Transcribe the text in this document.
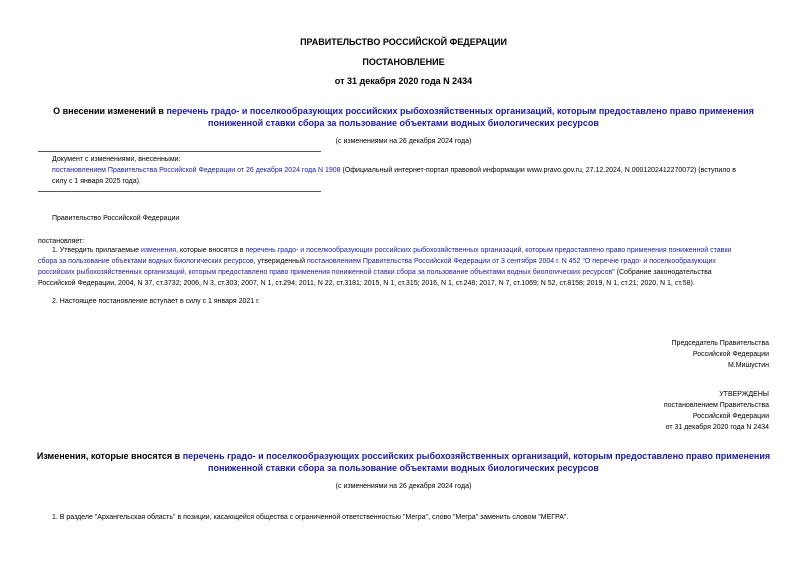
ПРАВИТЕЛЬСТВО РОССИЙСКОЙ ФЕДЕРАЦИИ
ПОСТАНОВЛЕНИЕ
от 31 декабря 2020 года N 2434
О внесении изменений в перечень градо- и поселкообразующих российских рыбохозяйственных организаций, которым предоставлено право применения
пониженной ставки сбора за пользование объектами водных биологических ресурсов
(с изменениями на 26 декабря 2024 года)
Документ с изменениями, внесенными:
постановлением Правительства Российской Федерации от 26 декабря 2024 года N 1908 (Официальный интернет-портал правовой информации www.pravo.gov.ru, 27.12.2024, N 0001202412270072) (вступило в
силу с 1 января 2025 года).
Правительство Российской Федерации
постановляет:
1. Утвердить прилагаемые изменения, которые вносятся в перечень градо- и поселкообразующих российских рыбохозяйственных организаций, которым предоставлено право применения пониженной ставки
сбора за пользование объектами водных биологических ресурсов, утвержденный постановлением Правительства Российской Федерации от 3 сентября 2004 г. N 452 "О перечне градо- и поселкообразующих
российских рыбохозяйственных организаций, которым предоставлено право применения пониженной ставки сбора за пользование объектами водных биологических ресурсов" (Собрание законодательства
Российской Федерации, 2004, N 37, ст.3732; 2006, N 3, ст.303; 2007, N 1, ст.294; 2011, N 22, ст.3181; 2015, N 1, ст.315; 2016, N 1, ст.248; 2017, N 7, ст.1069; N 52, ст.8158; 2019, N 1, ст.21; 2020, N 1, ст.58).
2. Настоящее постановление вступает в силу с 1 января 2021 г.
Председатель Правительства
Российской Федерации
М.Мишустин
УТВЕРЖДЕНЫ
постановлением Правительства
Российской Федерации
от 31 декабря 2020 года N 2434
Изменения, которые вносятся в перечень градо- и поселкообразующих российских рыбохозяйственных организаций, которым предоставлено право применения
пониженной ставки сбора за пользование объектами водных биологических ресурсов
(с изменениями на 26 декабря 2024 года)
1. В разделе "Архангельская область" в позиции, касающейся общества с ограниченной ответственностью "Мегра", слово "Мегра" заменить словом "МЕГРА".
